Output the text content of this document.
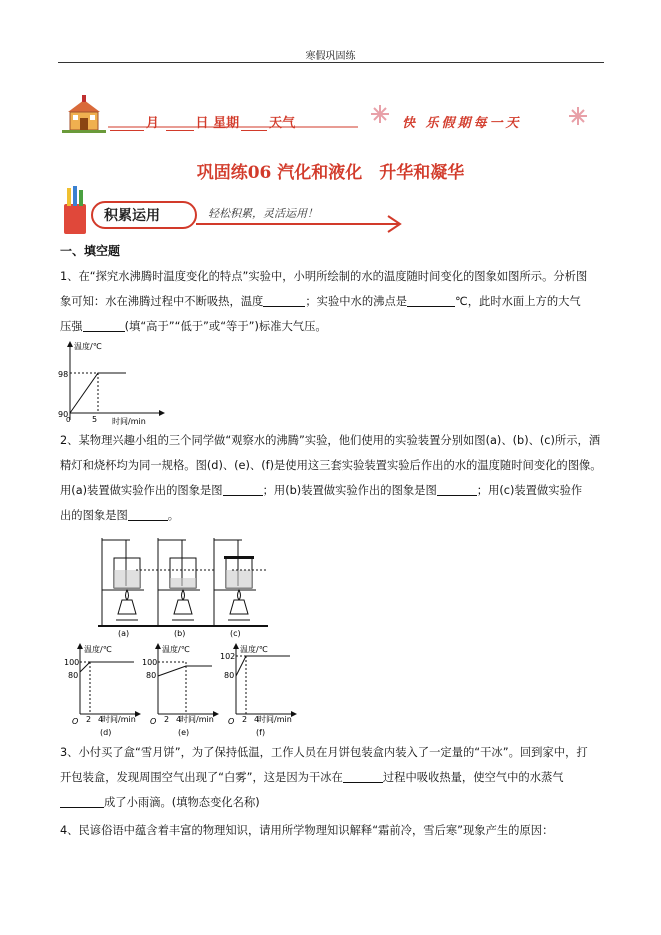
寒假巩固练
月	日 星期 天气	快 乐假期每一天
巩固练06 汽化和液化　升华和凝华
积累运用	轻松积累，灵活运用！
一、填空题
1、在“探究水沸腾时温度变化的特点”实验中，小明所绘制的水的温度随时间变化的图象如图所示。分析图
象可知：水在沸腾过程中不断吸热，温度	；实验中水的沸点是	℃，此时水面上方的大气
压强	(填“高于”“低于”或“等于”)标准大气压。
温度/℃
98
90
0	5 时间/min
2、某物理兴趣小组的三个同学做“观察水的沸腾”实验，他们使用的实验装置分别如图(a)、(b)、(c)所示，酒
精灯和烧杯均为同一规格。图(d)、(e)、(f)是使用这三套实验装置实验后作出的水的温度随时间变化的图像。
用(a)装置做实验作出的图象是图	；用(b)装置做实验作出的图象是图	；用(c)装置做实验作
出的图象是图	。
(a)	(b)	(c)
温度/℃
100
80
O 2 4
时间/min
(d)
温度/℃
100
80
O 2 4
时间/min
(e)
温度/℃
102
80
O 2 4
时间/min
(f)
3、小付买了盒“雪月饼”，为了保持低温，工作人员在月饼包装盒内装入了一定量的“干冰”。回到家中，打
开包装盒，发现周围空气出现了“白雾”，这是因为干冰在	过程中吸收热量，使空气中的水蒸气
成了小雨滴。(填物态变化名称)
4、民谚俗语中蕴含着丰富的物理知识，请用所学物理知识解释“霜前冷，雪后寒”现象产生的原因：
